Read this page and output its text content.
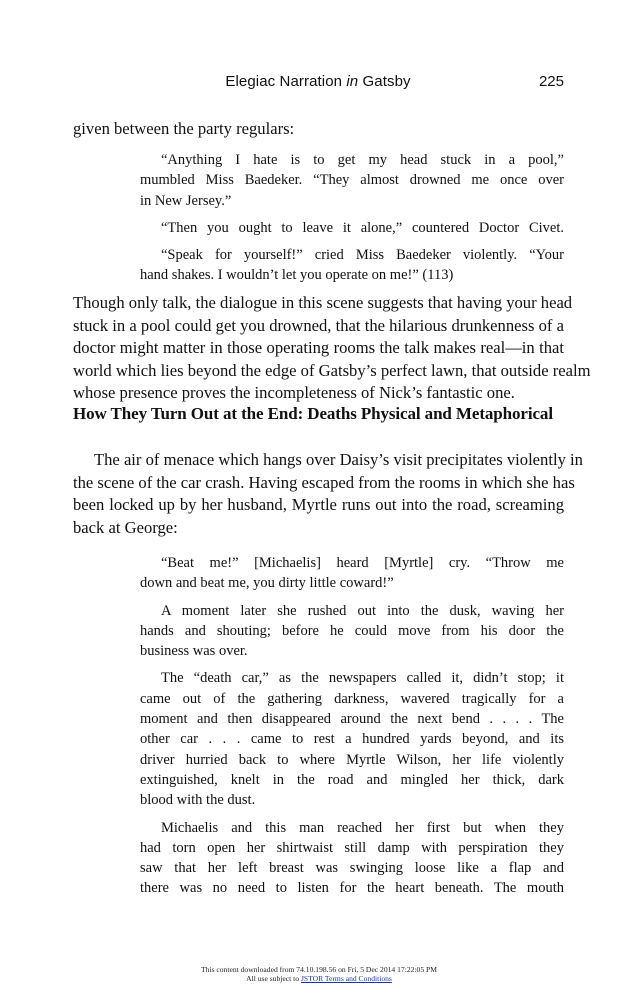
Elegiac Narration in Gatsby	225
given between the party regulars:
“Anything I hate is to get my head stuck in a pool,”
mumbled Miss Baedeker. “They almost drowned me once over
in New Jersey.”
“Then you ought to leave it alone,” countered Doctor Civet.
“Speak for yourself!” cried Miss Baedeker violently. “Your
hand shakes. I wouldn’t let you operate on me!” (113)
Though only talk, the dialogue in this scene suggests that having your head
stuck in a pool could get you drowned, that the hilarious drunkenness of a
doctor might matter in those operating rooms the talk makes real—in that
world which lies beyond the edge of Gatsby’s perfect lawn, that outside realm
whose presence proves the incompleteness of Nick’s fantastic one.
How They Turn Out at the End: Deaths Physical and Metaphorical
The air of menace which hangs over Daisy’s visit precipitates violently in
the scene of the car crash. Having escaped from the rooms in which she has
been locked up by her husband, Myrtle runs out into the road, screaming
back at George:
“Beat me!” [Michaelis] heard [Myrtle] cry. “Throw me
down and beat me, you dirty little coward!”
A moment later she rushed out into the dusk, waving her
hands and shouting; before he could move from his door the
business was over.
The “death car,” as the newspapers called it, didn’t stop; it
came out of the gathering darkness, wavered tragically for a
moment and then disappeared around the next bend . . . . The
other car . . . came to rest a hundred yards beyond, and its
driver hurried back to where Myrtle Wilson, her life violently
extinguished, knelt in the road and mingled her thick, dark
blood with the dust.
Michaelis and this man reached her first but when they
had torn open her shirtwaist still damp with perspiration they
saw that her left breast was swinging loose like a flap and
there was no need to listen for the heart beneath. The mouth
This content downloaded from 74.10.198.56 on Fri, 5 Dec 2014 17:22:05 PM
All use subject to JSTOR Terms and Conditions
